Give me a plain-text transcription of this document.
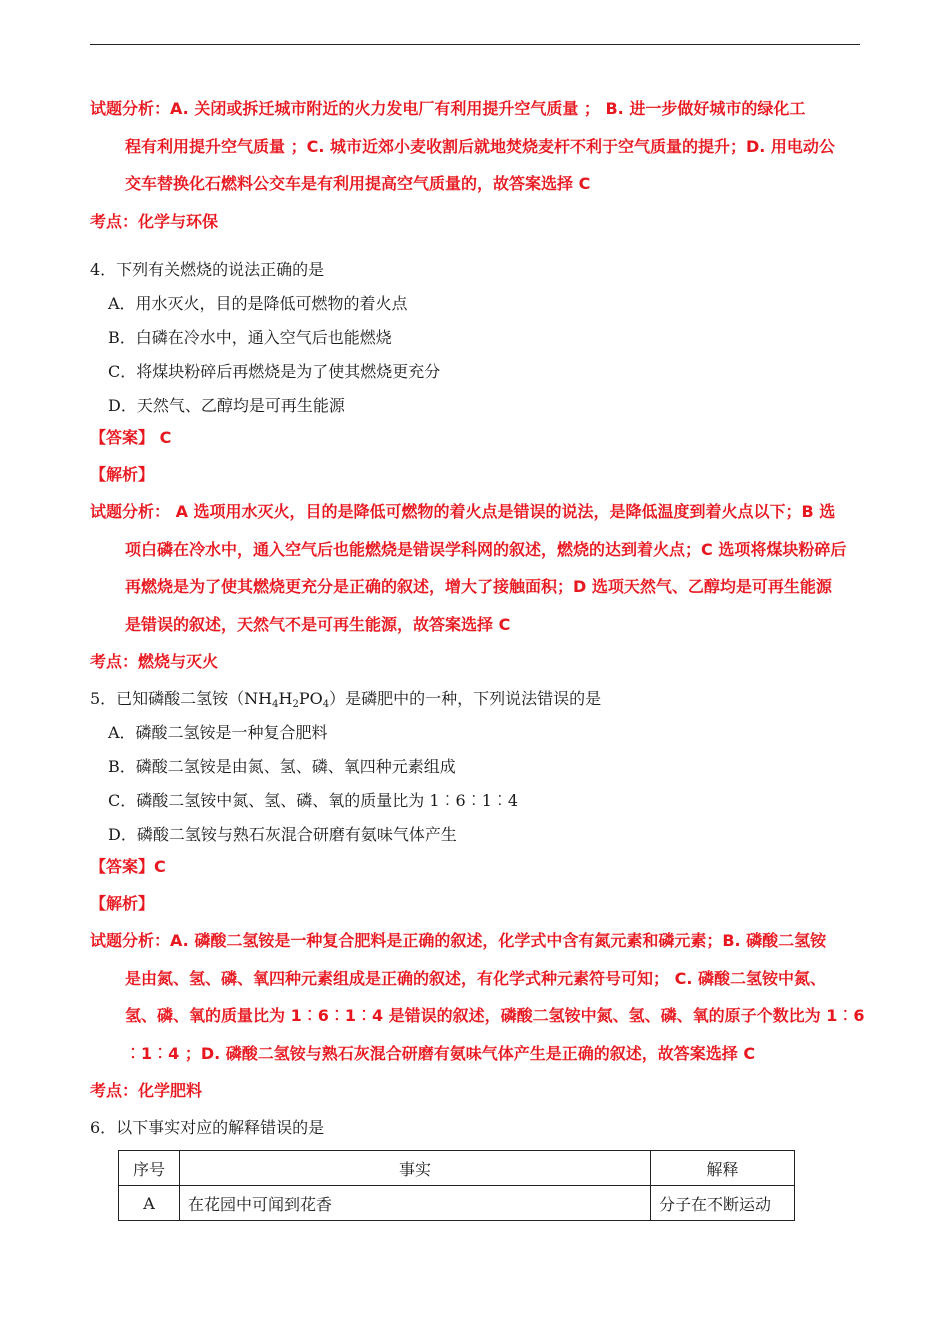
试题分析：A. 关闭或拆迁城市附近的火力发电厂有利用提升空气质量 ； B. 进一步做好城市的绿化工
程有利用提升空气质量 ；C. 城市近郊小麦收割后就地焚烧麦杆不利于空气质量的提升；D. 用电动公
交车替换化石燃料公交车是有利用提高空气质量的，故答案选择 C
考点：化学与环保
4．下列有关燃烧的说法正确的是
A．用水灭火，目的是降低可燃物的着火点
B．白磷在冷水中，通入空气后也能燃烧
C．将煤块粉碎后再燃烧是为了使其燃烧更充分
D．天然气、乙醇均是可再生能源
【答案】 C
【解析】
试题分析： A 选项用水灭火，目的是降低可燃物的着火点是错误的说法，是降低温度到着火点以下；B 选
项白磷在冷水中，通入空气后也能燃烧是错误学科网的叙述，燃烧的达到着火点；C 选项将煤块粉碎后
再燃烧是为了使其燃烧更充分是正确的叙述，增大了接触面积；D 选项天然气、乙醇均是可再生能源
是错误的叙述，天然气不是可再生能源，故答案选择 C
考点：燃烧与灭火
5．已知磷酸二氢铵$(NH_4H_2PO_4)$是磷肥中的一种，下列说法错误的是
A．磷酸二氢铵是一种复合肥料
B．磷酸二氢铵是由氮、氢、磷、氧四种元素组成
C．磷酸二氢铵中氮、氢、磷、氧的质量比为 1︰6︰1︰4
D．磷酸二氢铵与熟石灰混合研磨有氨味气体产生
【答案】C
【解析】
试题分析：A. 磷酸二氢铵是一种复合肥料是正确的叙述，化学式中含有氮元素和磷元素；B. 磷酸二氢铵
是由氮、氢、磷、氧四种元素组成是正确的叙述，有化学式种元素符号可知； C. 磷酸二氢铵中氮、
氢、磷、氧的质量比为 1︰6︰1︰4 是错误的叙述，磷酸二氢铵中氮、氢、磷、氧的原子个数比为 1︰6
︰1︰4 ；D. 磷酸二氢铵与熟石灰混合研磨有氨味气体产生是正确的叙述，故答案选择 C
考点：化学肥料
6．以下事实对应的解释错误的是
序号	事实	解释
A	在花园中可闻到花香	分子在不断运动
